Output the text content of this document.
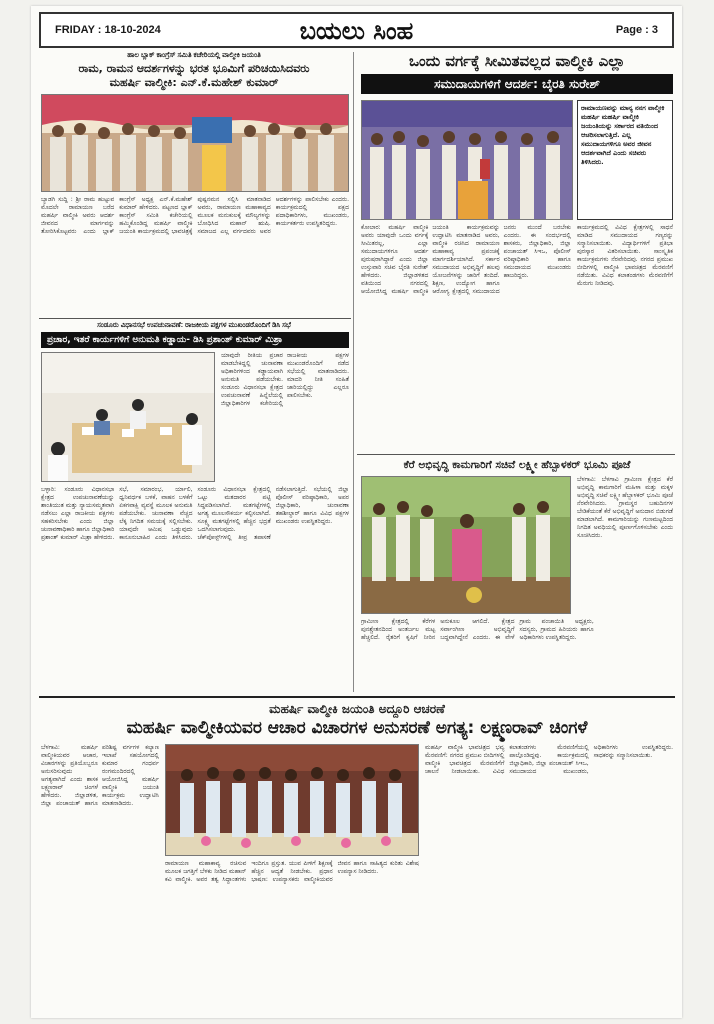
FRIDAY : 18-10-2024	ಬಯಲು ಸಿಂಹ	Page : 3
ಹಾಲ ಬ್ಲಾಕ್ ಕಾಂಗ್ರೆಸ್ ಸಮಿತಿ ಕಚೇರಿಯಲ್ಲಿ ವಾಲ್ಮೀಕಿ ಜಯಂತಿ
ರಾಮ, ರಾಮನ ಆದರ್ಶಗಳನ್ನು ಭರತ ಭೂಮಿಗೆ ಪರಿಚಯಿಸಿದವರು
ಮಹರ್ಷಿ ವಾಲ್ಮೀಕಿ: ಎನ್.ಕೆ.ಮಹೇಶ್ ಕುಮಾರ್
ಬ್ಯಾಡಗಿ ಸುದ್ದಿ : ಶ್ರೀ ರಾಮ ಹುಟ್ಟುವ ಮೊದಲೇ ರಾಮಾಯಣ ಬರೆದ ಮಹರ್ಷಿ ವಾಲ್ಮೀಕಿ ಅವರು ಆದರ್ಶ ಜೀವನದ ಮಾರ್ಗವನ್ನು ತೋರಿಸಿಕೊಟ್ಟವರು ಎಂದು ಬ್ಲಾಕ್ ಕಾಂಗ್ರೆಸ್ ಅಧ್ಯಕ್ಷ ಎನ್.ಕೆ.ಮಹೇಶ್ ಕುಮಾರ್ ಹೇಳಿದರು. ಪಟ್ಟಣದ ಬ್ಲಾಕ್ ಕಾಂಗ್ರೆಸ್ ಸಮಿತಿ ಕಚೇರಿಯಲ್ಲಿ ಹಮ್ಮಿಕೊಂಡಿದ್ದ ಮಹರ್ಷಿ ವಾಲ್ಮೀಕಿ ಜಯಂತಿ ಕಾರ್ಯಕ್ರಮದಲ್ಲಿ ಭಾವಚಿತ್ರಕ್ಕೆ ಪುಷ್ಪನಮನ ಸಲ್ಲಿಸಿ ಮಾತನಾಡಿದ ಅವರು, ರಾಮಾಯಣ ಮಹಾಕಾವ್ಯದ ಮೂಲಕ ಮನುಕುಲಕ್ಕೆ ಮೌಲ್ಯಗಳನ್ನು ಬೋಧಿಸಿದ ಮಹಾನ್ ಋಷಿ. ಸಮಾಜದ ಎಲ್ಲ ವರ್ಗದವರು ಅವರ ಆದರ್ಶಗಳನ್ನು ಪಾಲಿಸಬೇಕು ಎಂದರು. ಕಾರ್ಯಕ್ರಮದಲ್ಲಿ ಪಕ್ಷದ ಪದಾಧಿಕಾರಿಗಳು, ಮುಖಂಡರು, ಕಾರ್ಯಕರ್ತರು ಉಪಸ್ಥಿತರಿದ್ದರು.
ಸಂಡೂರು ವಿಧಾನಸಭೆ ಉಪಚುನಾವಣೆ: ರಾಜಕೀಯ ಪಕ್ಷಗಳ ಮುಖಂಡರೊಂದಿಗೆ ಡಿಸಿ ಸಭೆ
ಪ್ರಚಾರ, ಇತರೆ ಕಾರ್ಯಗಳಿಗೆ ಅನುಮತಿ ಕಡ್ಡಾಯ- ಡಿಸಿ ಪ್ರಶಾಂತ್ ಕುಮಾರ್ ಮಿಶ್ರಾ
ಯಾವುದೇ ರೀತಿಯ ಪ್ರಚಾರ ಮಾಡಬೇಕಿದ್ದಲ್ಲಿ ಚುನಾವಣಾ ಅಧಿಕಾರಿಗಳಿಂದ ಕಡ್ಡಾಯವಾಗಿ ಅನುಮತಿ ಪಡೆಯಬೇಕು. ಸಂಡೂರು ವಿಧಾನಸಭಾ ಕ್ಷೇತ್ರದ ಉಪಚುನಾವಣೆ ಹಿನ್ನೆಲೆಯಲ್ಲಿ ಜಿಲ್ಲಾಧಿಕಾರಿಗಳ ಕಚೇರಿಯಲ್ಲಿ ರಾಜಕೀಯ ಪಕ್ಷಗಳ ಮುಖಂಡರೊಂದಿಗೆ ನಡೆದ ಸಭೆಯಲ್ಲಿ ಮಾತನಾಡಿದರು. ಮಾದರಿ ನೀತಿ ಸಂಹಿತೆ ಜಾರಿಯಲ್ಲಿದ್ದು ಎಲ್ಲರೂ ಪಾಲಿಸಬೇಕು.
ಬಳ್ಳಾರಿ: ಸಂಡೂರು ವಿಧಾನಸಭಾ ಕ್ಷೇತ್ರದ ಉಪಚುನಾವಣೆಯನ್ನು ಶಾಂತಿಯುತ ಮತ್ತು ನ್ಯಾಯಸಮ್ಮತವಾಗಿ ನಡೆಸಲು ಎಲ್ಲಾ ರಾಜಕೀಯ ಪಕ್ಷಗಳು ಸಹಕರಿಸಬೇಕು ಎಂದು ಜಿಲ್ಲಾ ಚುನಾವಣಾಧಿಕಾರಿ ಹಾಗೂ ಜಿಲ್ಲಾಧಿಕಾರಿ ಪ್ರಶಾಂತ್ ಕುಮಾರ್ ಮಿಶ್ರಾ ಹೇಳಿದರು. ಸಭೆ, ಸಮಾರಂಭ, ರ್ಯಾಲಿ, ಧ್ವನಿವರ್ಧಕ ಬಳಕೆ, ವಾಹನ ಬಳಕೆಗೆ ಏಕಗವಾಕ್ಷಿ ವ್ಯವಸ್ಥೆ ಮೂಲಕ ಅನುಮತಿ ಪಡೆಯಬೇಕು. ಚುನಾವಣಾ ವೆಚ್ಚದ ಲೆಕ್ಕ ನಿಗದಿತ ಸಮಯಕ್ಕೆ ಸಲ್ಲಿಸಬೇಕು. ಯಾವುದೇ ಆಮಿಷ ಒಡ್ಡುವುದು ಕಾನೂನುಬಾಹಿರ ಎಂದು ತಿಳಿಸಿದರು. ಸಂಡೂರು ವಿಧಾನಸಭಾ ಕ್ಷೇತ್ರದಲ್ಲಿ ಒಟ್ಟು ಮತದಾರರ ಪಟ್ಟಿ ಸಿದ್ಧಪಡಿಸಲಾಗಿದೆ. ಮತಗಟ್ಟೆಗಳಲ್ಲಿ ಅಗತ್ಯ ಮೂಲಸೌಕರ್ಯ ಕಲ್ಪಿಸಲಾಗಿದೆ. ಸೂಕ್ಷ್ಮ ಮತಗಟ್ಟೆಗಳಲ್ಲಿ ಹೆಚ್ಚಿನ ಭದ್ರತೆ ಒದಗಿಸಲಾಗುವುದು. ಚೆಕ್‌ಪೋಸ್ಟ್‌ಗಳಲ್ಲಿ ತೀವ್ರ ತಪಾಸಣೆ ನಡೆಸಲಾಗುತ್ತಿದೆ. ಸಭೆಯಲ್ಲಿ ಜಿಲ್ಲಾ ಪೊಲೀಸ್ ವರಿಷ್ಠಾಧಿಕಾರಿ, ಅಪರ ಜಿಲ್ಲಾಧಿಕಾರಿ, ಚುನಾವಣಾ ತಹಶೀಲ್ದಾರ್ ಹಾಗೂ ವಿವಿಧ ಪಕ್ಷಗಳ ಮುಖಂಡರು ಉಪಸ್ಥಿತರಿದ್ದರು.
ಒಂದು ವರ್ಗಕ್ಕೆ ಸೀಮಿತವಲ್ಲದ ವಾಲ್ಮೀಕಿ ಎಲ್ಲಾ
ಸಮುದಾಯಗಳಿಗೆ ಆದರ್ಶ: ಬೈರತಿ ಸುರೇಶ್
ರಾಮಾಯಣವನ್ನು ಮಾನ್ಯ ನನಗ ವಾಲ್ಮೀಕಿ ಮಹರ್ಷಿ ಮಹರ್ಷಿ ವಾಲ್ಮೀಕಿ ಜಯಂತಿಯನ್ನು ಸರ್ಕಾರದ ವತಿಯಿಂದ ಆಚರಿಸಲಾಗುತ್ತಿದೆ. ಎಲ್ಲ ಸಮುದಾಯಗಳಿಗೂ ಅವರ ಜೀವನ ಆದರ್ಶವಾಗಿದೆ ಎಂದು ಸಚಿವರು ತಿಳಿಸಿದರು.
ಕೋಲಾರ: ಮಹರ್ಷಿ ವಾಲ್ಮೀಕಿ ಅವರು ಯಾವುದೇ ಒಂದು ವರ್ಗಕ್ಕೆ ಸೀಮಿತರಲ್ಲ, ಎಲ್ಲಾ ಸಮುದಾಯಗಳಿಗೂ ಆದರ್ಶ ಪುರುಷರಾಗಿದ್ದಾರೆ ಎಂದು ಜಿಲ್ಲಾ ಉಸ್ತುವಾರಿ ಸಚಿವ ಬೈರತಿ ಸುರೇಶ್ ಹೇಳಿದರು. ಜಿಲ್ಲಾಡಳಿತದ ವತಿಯಿಂದ ನಗರದಲ್ಲಿ ಆಯೋಜಿಸಿದ್ದ ಮಹರ್ಷಿ ವಾಲ್ಮೀಕಿ ಜಯಂತಿ ಕಾರ್ಯಕ್ರಮವನ್ನು ಉದ್ಘಾಟಿಸಿ ಮಾತನಾಡಿದ ಅವರು, ವಾಲ್ಮೀಕಿ ರಚಿಸಿದ ರಾಮಾಯಣ ಮಹಾಕಾವ್ಯ ಪ್ರಪಂಚಕ್ಕೆ ಮಾರ್ಗದರ್ಶಿಯಾಗಿದೆ. ಸರ್ಕಾರ ಸಮುದಾಯದ ಅಭಿವೃದ್ಧಿಗೆ ಹಲವು ಯೋಜನೆಗಳನ್ನು ಜಾರಿಗೆ ತಂದಿದೆ. ಶಿಕ್ಷಣ, ಉದ್ಯೋಗ ಹಾಗೂ ಆರೋಗ್ಯ ಕ್ಷೇತ್ರದಲ್ಲಿ ಸಮುದಾಯದ ಜನರು ಮುಂದೆ ಬರಬೇಕು ಎಂದರು. ಈ ಸಂದರ್ಭದಲ್ಲಿ ಶಾಸಕರು, ಜಿಲ್ಲಾಧಿಕಾರಿ, ಜಿಲ್ಲಾ ಪಂಚಾಯತ್ ಸಿಇಒ, ಪೊಲೀಸ್ ವರಿಷ್ಠಾಧಿಕಾರಿ ಹಾಗೂ ಸಮುದಾಯದ ಮುಖಂಡರು ಹಾಜರಿದ್ದರು.
ಕಾರ್ಯಕ್ರಮದಲ್ಲಿ ವಿವಿಧ ಕ್ಷೇತ್ರಗಳಲ್ಲಿ ಸಾಧನೆ ಮಾಡಿದ ಸಮುದಾಯದ ಗಣ್ಯರನ್ನು ಸನ್ಮಾನಿಸಲಾಯಿತು. ವಿದ್ಯಾರ್ಥಿಗಳಿಗೆ ಪ್ರತಿಭಾ ಪುರಸ್ಕಾರ ವಿತರಿಸಲಾಯಿತು. ಸಾಂಸ್ಕೃತಿಕ ಕಾರ್ಯಕ್ರಮಗಳು ನೆರವೇರಿದವು. ನಗರದ ಪ್ರಮುಖ ಬೀದಿಗಳಲ್ಲಿ ವಾಲ್ಮೀಕಿ ಭಾವಚಿತ್ರದ ಮೆರವಣಿಗೆ ನಡೆಯಿತು. ವಿವಿಧ ಕಲಾತಂಡಗಳು ಮೆರವಣಿಗೆಗೆ ಮೆರುಗು ನೀಡಿದವು.
ಕೆರೆ ಅಭಿವೃದ್ಧಿ ಕಾಮಗಾರಿಗೆ ಸಚಿವೆ ಲಕ್ಷ್ಮೀ ಹೆಬ್ಬಾಳಕರ್ ಭೂಮಿ ಪೂಜೆ
ಬೆಳಗಾವಿ: ಬೆಳಗಾವಿ ಗ್ರಾಮೀಣ ಕ್ಷೇತ್ರದ ಕೆರೆ ಅಭಿವೃದ್ಧಿ ಕಾಮಗಾರಿಗೆ ಮಹಿಳಾ ಮತ್ತು ಮಕ್ಕಳ ಅಭಿವೃದ್ಧಿ ಸಚಿವೆ ಲಕ್ಷ್ಮೀ ಹೆಬ್ಬಾಳಕರ್ ಭೂಮಿ ಪೂಜೆ ನೆರವೇರಿಸಿದರು. ಗ್ರಾಮಸ್ಥರ ಬಹುದಿನಗಳ ಬೇಡಿಕೆಯಂತೆ ಕೆರೆ ಅಭಿವೃದ್ಧಿಗೆ ಅನುದಾನ ಬಿಡುಗಡೆ ಮಾಡಲಾಗಿದೆ. ಕಾಮಗಾರಿಯನ್ನು ಗುಣಮಟ್ಟದಿಂದ ನಿಗದಿತ ಅವಧಿಯಲ್ಲಿ ಪೂರ್ಣಗೊಳಿಸಬೇಕು ಎಂದು ಸೂಚಿಸಿದರು.
ಗ್ರಾಮೀಣ ಕ್ಷೇತ್ರದಲ್ಲಿ ಕೆರೆಗಳ ಪುನಶ್ಚೇತನದಿಂದ ಅಂತರ್ಜಲ ಮಟ್ಟ ಹೆಚ್ಚಲಿದೆ. ರೈತರಿಗೆ ಕೃಷಿಗೆ ನೀರಿನ ಅನುಕೂಲ ಆಗಲಿದೆ. ಕ್ಷೇತ್ರದ ಸರ್ವಾಂಗೀಣ ಅಭಿವೃದ್ಧಿಗೆ ಬದ್ಧವಾಗಿದ್ದೇನೆ ಎಂದರು. ಈ ವೇಳೆ ಗ್ರಾಮ ಪಂಚಾಯಿತಿ ಅಧ್ಯಕ್ಷರು, ಸದಸ್ಯರು, ಗ್ರಾಮದ ಹಿರಿಯರು ಹಾಗೂ ಅಧಿಕಾರಿಗಳು ಉಪಸ್ಥಿತರಿದ್ದರು.
ಮಹರ್ಷಿ ವಾಲ್ಮೀಕಿ ಜಯಂತಿ ಅದ್ದೂರಿ ಆಚರಣೆ
ಮಹರ್ಷಿ ವಾಲ್ಮೀಕಿಯವರ ಆಚಾರ ವಿಚಾರಗಳ ಅನುಸರಣೆ ಅಗತ್ಯ: ಲಕ್ಷ್ಮಣರಾವ್ ಚಿಂಗಳೆ
ಬೆಳಗಾವಿ: ಮಹರ್ಷಿ ವಾಲ್ಮೀಕಿಯವರ ಆಚಾರ, ವಿಚಾರಗಳನ್ನು ಪ್ರತಿಯೊಬ್ಬರೂ ಅನುಸರಿಸುವುದು ಅಗತ್ಯವಾಗಿದೆ ಎಂದು ಶಾಸಕ ಲಕ್ಷ್ಮಣರಾವ್ ಚಿಂಗಳೆ ಹೇಳಿದರು. ಜಿಲ್ಲಾಡಳಿತ, ಜಿಲ್ಲಾ ಪಂಚಾಯತ್ ಹಾಗೂ ಪರಿಶಿಷ್ಟ ವರ್ಗಗಳ ಕಲ್ಯಾಣ ಇಲಾಖೆ ಸಹಯೋಗದಲ್ಲಿ ಕುಮಾರ ಗಂಧರ್ವ ರಂಗಮಂದಿರದಲ್ಲಿ ಆಯೋಜಿಸಿದ್ದ ಮಹರ್ಷಿ ವಾಲ್ಮೀಕಿ ಜಯಂತಿ ಕಾರ್ಯಕ್ರಮ ಉದ್ಘಾಟಿಸಿ ಮಾತನಾಡಿದರು.
ರಾಮಾಯಣ ಮಹಾಕಾವ್ಯ ರಚಿಸುವ ಮೂಲಕ ಜಗತ್ತಿಗೆ ಬೆಳಕು ನೀಡಿದ ಮಹಾನ್ ಕವಿ ವಾಲ್ಮೀಕಿ. ಅವರ ತತ್ವ ಸಿದ್ಧಾಂತಗಳು ಇಂದಿಗೂ ಪ್ರಸ್ತುತ. ಯುವ ಪೀಳಿಗೆ ಶಿಕ್ಷಣಕ್ಕೆ ಹೆಚ್ಚಿನ ಆದ್ಯತೆ ನೀಡಬೇಕು. ಪ್ರಧಾನ ಭಾಷಣ: ಉಪನ್ಯಾಸಕರು ವಾಲ್ಮೀಕಿಯವರ ಜೀವನ ಹಾಗೂ ಸಾಹಿತ್ಯದ ಕುರಿತು ವಿಶೇಷ ಉಪನ್ಯಾಸ ನೀಡಿದರು.
ಮಹರ್ಷಿ ವಾಲ್ಮೀಕಿ ಭಾವಚಿತ್ರದ ಭವ್ಯ ಮೆರವಣಿಗೆ: ನಗರದ ಪ್ರಮುಖ ಬೀದಿಗಳಲ್ಲಿ ವಾಲ್ಮೀಕಿ ಭಾವಚಿತ್ರದ ಮೆರವಣಿಗೆಗೆ ಚಾಲನೆ ನೀಡಲಾಯಿತು. ವಿವಿಧ ಕಲಾತಂಡಗಳು ಮೆರವಣಿಗೆಯಲ್ಲಿ ಪಾಲ್ಗೊಂಡಿದ್ದವು. ಕಾರ್ಯಕ್ರಮದಲ್ಲಿ ಜಿಲ್ಲಾಧಿಕಾರಿ, ಜಿಲ್ಲಾ ಪಂಚಾಯತ್ ಸಿಇಒ, ಸಮುದಾಯದ ಮುಖಂಡರು, ಅಧಿಕಾರಿಗಳು ಉಪಸ್ಥಿತರಿದ್ದರು. ಸಾಧಕರನ್ನು ಸನ್ಮಾನಿಸಲಾಯಿತು.
